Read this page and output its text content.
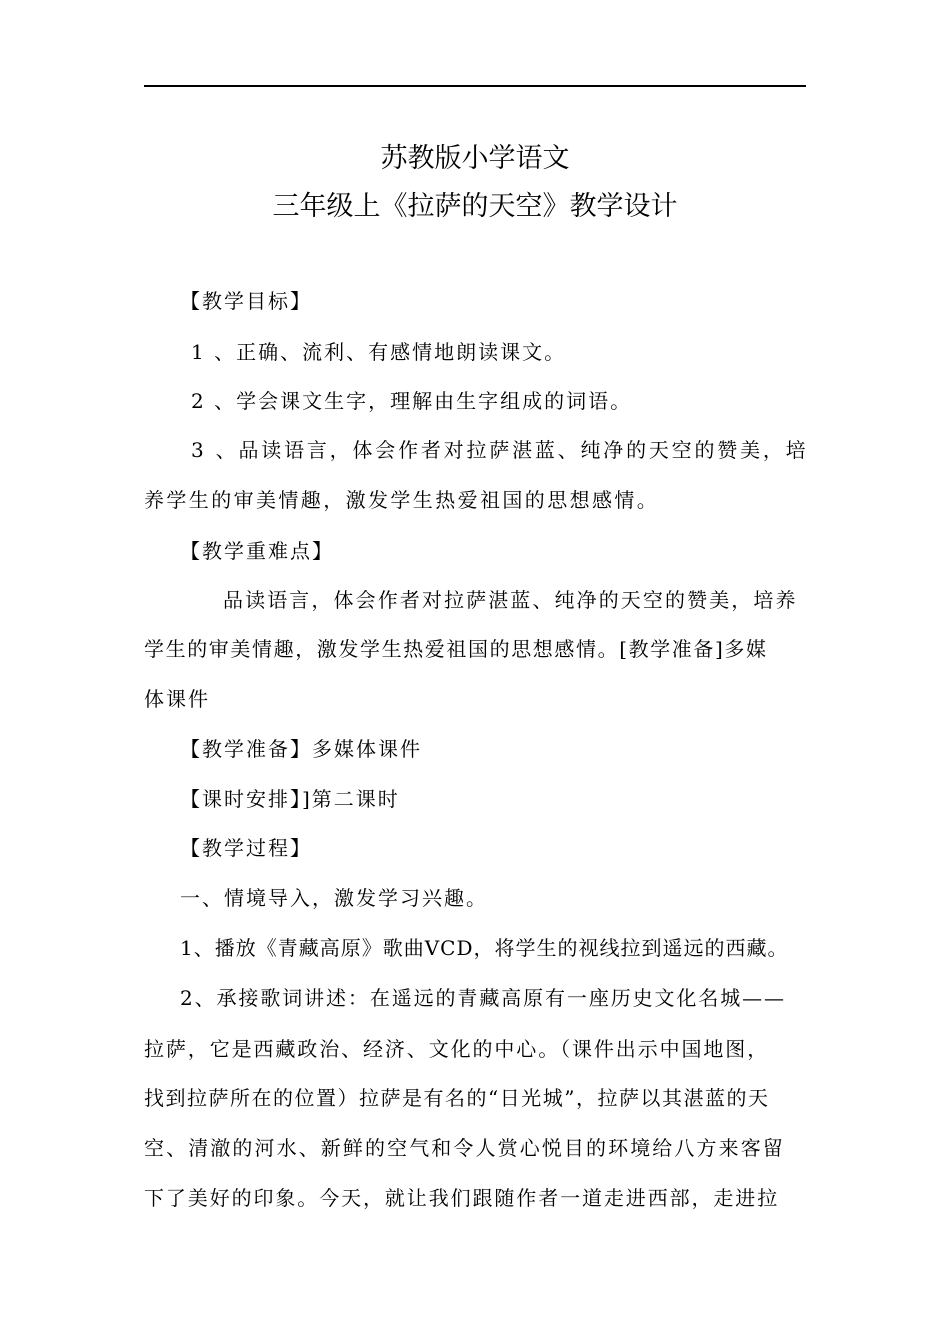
苏教版小学语文
三年级上《拉萨的天空》教学设计
【教学目标】
1 、正确、流利、有感情地朗读课文。
2 、学会课文生字，理解由生字组成的词语。
3 、品读语言，体会作者对拉萨湛蓝、纯净的天空的赞美，培
养学生的审美情趣，激发学生热爱祖国的思想感情。
【教学重难点】
品读语言，体会作者对拉萨湛蓝、纯净的天空的赞美，培养
学生的审美情趣，激发学生热爱祖国的思想感情。[教学准备]多媒
体课件
【教学准备】多媒体课件
【课时安排】]第二课时
【教学过程】
一、情境导入，激发学习兴趣。
1、播放《青藏高原》歌曲VCD，将学生的视线拉到遥远的西藏。
2、承接歌词讲述：在遥远的青藏高原有一座历史文化名城——
拉萨，它是西藏政治、经济、文化的中心。（课件出示中国地图，
找到拉萨所在的位置）拉萨是有名的“日光城”，拉萨以其湛蓝的天
空、清澈的河水、新鲜的空气和令人赏心悦目的环境给八方来客留
下了美好的印象。今天，就让我们跟随作者一道走进西部，走进拉
